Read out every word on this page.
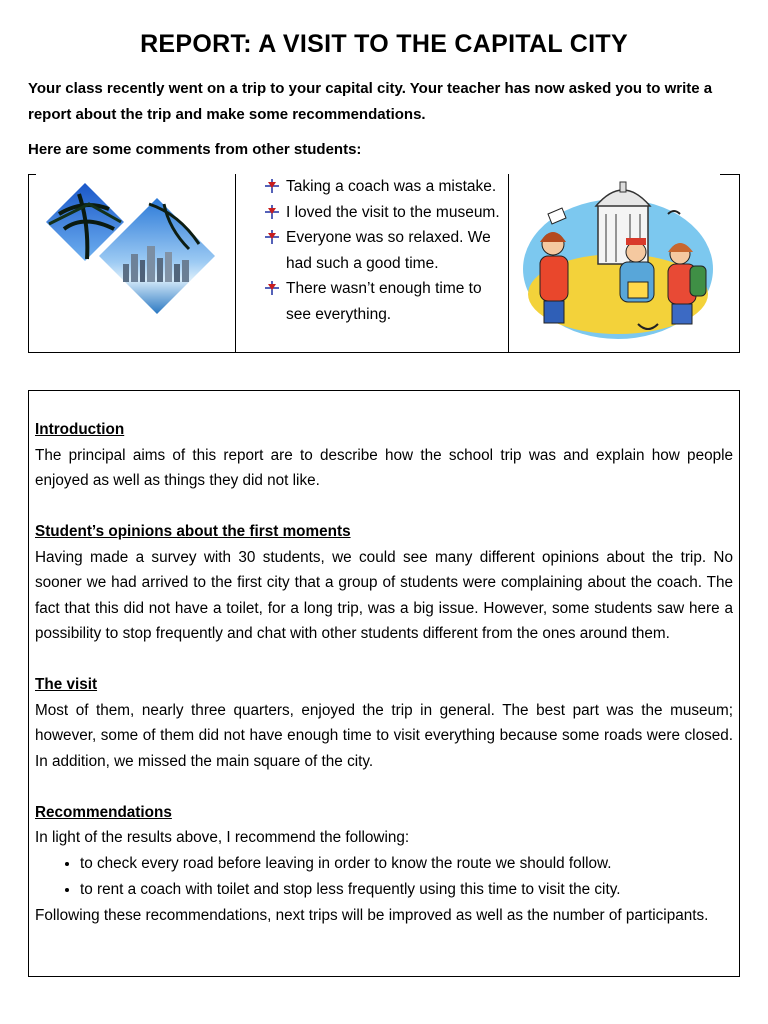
REPORT: A VISIT TO THE CAPITAL CITY
Your class recently went on a trip to your capital city. Your teacher has now asked you to write a report about the trip and make some recommendations.
Here are some comments from other students:
Taking a coach was a mistake.
I loved the visit to the museum.
Everyone was so relaxed. We had such a good time.
There wasn’t enough time to see everything.
Introduction

The principal aims of this report are to describe how the school trip was and explain how people enjoyed as well as things they did not like.

Student’s opinions about the first moments

Having made a survey with 30 students, we could see many different opinions about the trip. No sooner we had arrived to the first city that a group of students were complaining about the coach. The fact that this did not have a toilet, for a long trip, was a big issue. However, some students saw here a possibility to stop frequently and chat with other students different from the ones around them.

The visit

Most of them, nearly three quarters, enjoyed the trip in general. The best part was the museum; however, some of them did not have enough time to visit everything because some roads were closed. In addition, we missed the main square of the city.

Recommendations

In light of the results above, I recommend the following:

• to check every road before leaving in order to know the route we should follow.
• to rent a coach with toilet and stop less frequently using this time to visit the city.

Following these recommendations, next trips will be improved as well as the number of participants.
